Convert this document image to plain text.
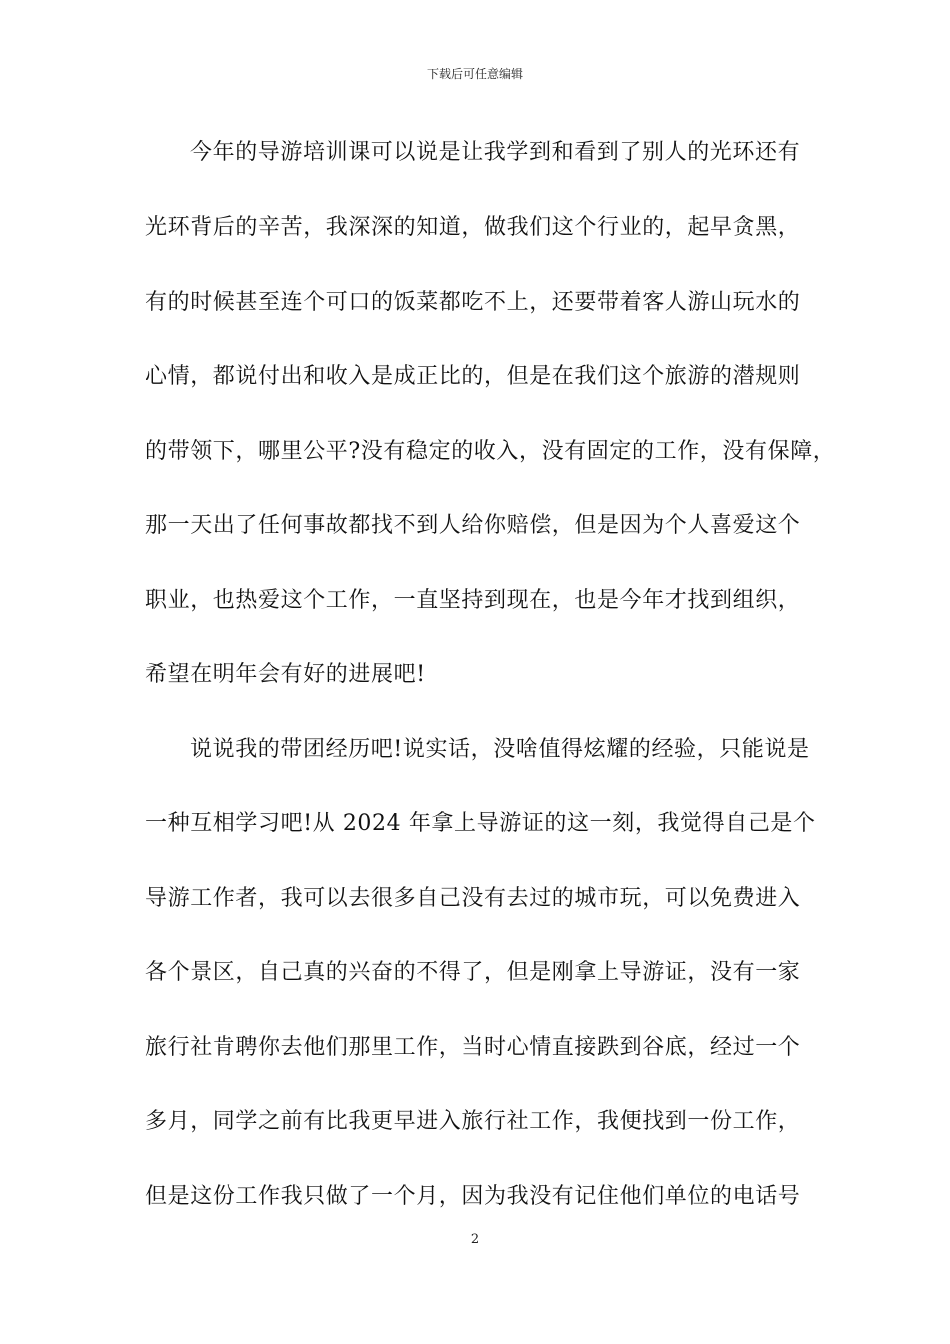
下载后可任意编辑
今年的导游培训课可以说是让我学到和看到了别人的光环还有
光环背后的辛苦，我深深的知道，做我们这个行业的，起早贪黑，
有的时候甚至连个可口的饭菜都吃不上，还要带着客人游山玩水的
心情，都说付出和收入是成正比的，但是在我们这个旅游的潜规则
的带领下，哪里公平?没有稳定的收入，没有固定的工作，没有保障，
那一天出了任何事故都找不到人给你赔偿，但是因为个人喜爱这个
职业，也热爱这个工作，一直坚持到现在，也是今年才找到组织，
希望在明年会有好的进展吧!
说说我的带团经历吧!说实话，没啥值得炫耀的经验，只能说是
一种互相学习吧!从 2024 年拿上导游证的这一刻，我觉得自己是个
导游工作者，我可以去很多自己没有去过的城市玩，可以免费进入
各个景区，自己真的兴奋的不得了，但是刚拿上导游证，没有一家
旅行社肯聘你去他们那里工作，当时心情直接跌到谷底，经过一个
多月，同学之前有比我更早进入旅行社工作，我便找到一份工作，
但是这份工作我只做了一个月，因为我没有记住他们单位的电话号
2
